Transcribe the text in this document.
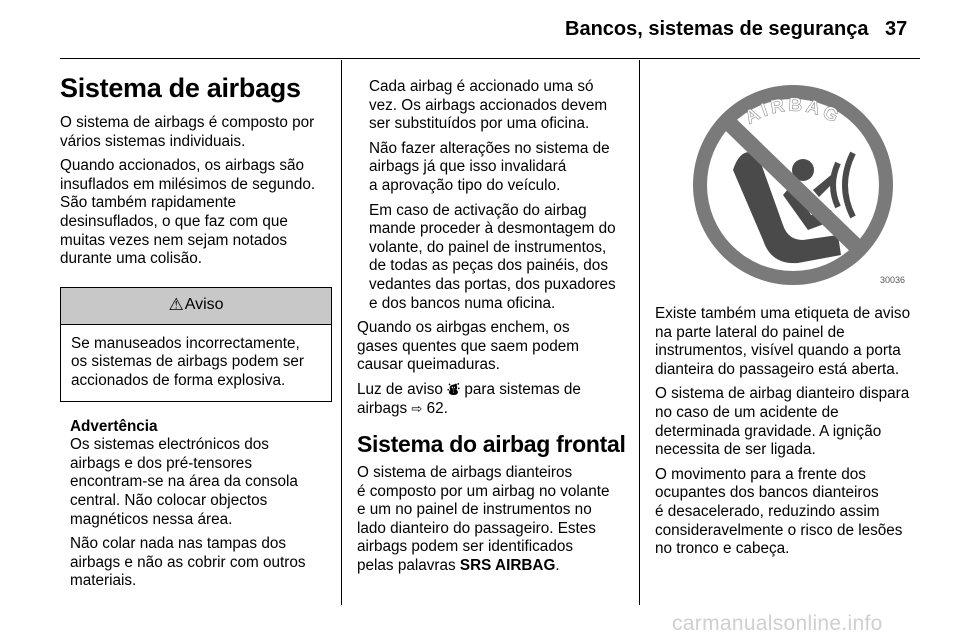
Bancos, sistemas de segurança 37
Sistema de airbags

O sistema de airbags é composto por
vários sistemas individuais.

Quando accionados, os airbags são
insuflados em milésimos de segundo.
São também rapidamente
desinsuflados, o que faz com que
muitas vezes nem sejam notados
durante uma colisão.

⚠ Aviso
Se manuseados incorrectamente,
os sistemas de airbags podem ser
accionados de forma explosiva.

Advertência

Os sistemas electrónicos dos
airbags e dos pré-tensores
encontram-se na área da consola
central. Não colocar objectos
magnéticos nessa área.

Não colar nada nas tampas dos
airbags e não as cobrir com outros
materiais.

Cada airbag é accionado uma só
vez. Os airbags accionados devem
ser substituídos por uma oficina.

Não fazer alterações no sistema de
airbags já que isso invalidará
a aprovação tipo do veículo.

Em caso de activação do airbag
mande proceder à desmontagem do
volante, do painel de instrumentos,
de todas as peças dos painéis, dos
vedantes das portas, dos puxadores
e dos bancos numa oficina.

Quando os airbgas enchem, os
gases quentes que saem podem
causar queimaduras.

Luz de aviso ⛇ para sistemas de
airbags ⇨ 62.

Sistema do airbag frontal

O sistema de airbags dianteiros
é composto por um airbag no volante
e um no painel de instrumentos no
lado dianteiro do passageiro. Estes
airbags podem ser identificados
pelas palavras SRS AIRBAG.

AIRBAG
30036

Existe também uma etiqueta de aviso
na parte lateral do painel de
instrumentos, visível quando a porta
dianteira do passageiro está aberta.

O sistema de airbag dianteiro dispara
no caso de um acidente de
determinada gravidade. A ignição
necessita de ser ligada.

O movimento para a frente dos
ocupantes dos bancos dianteiros
é desacelerado, reduzindo assim
consideravelmente o risco de lesões
no tronco e cabeça.

carmanualsonline.info
